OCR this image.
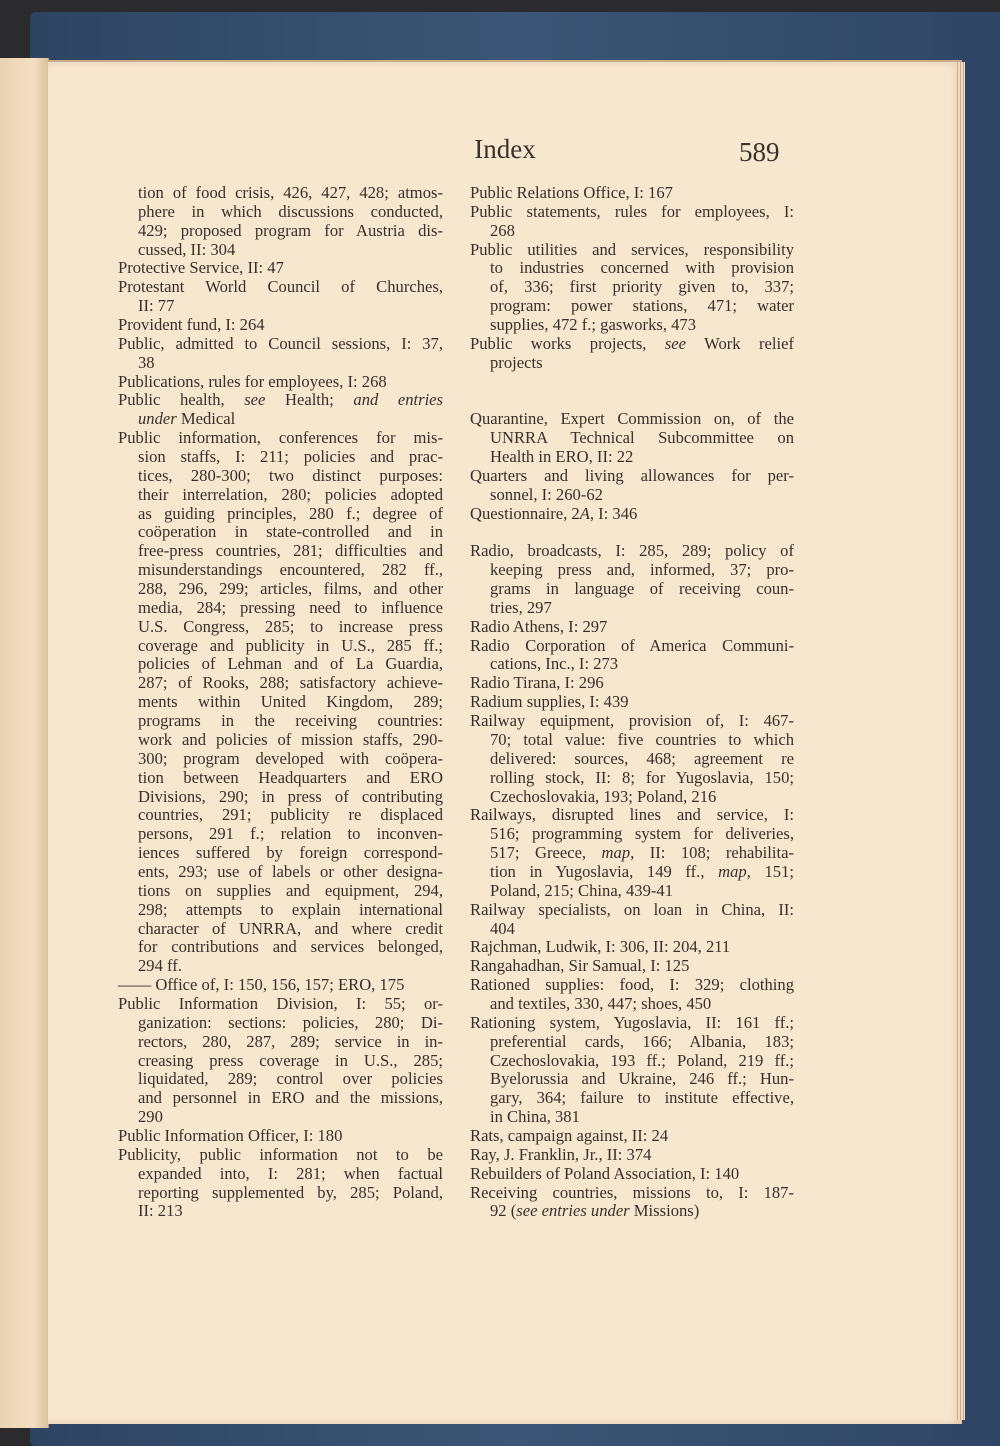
Index	589
tion of food crisis, 426, 427, 428; atmos-
phere in which discussions conducted,
429; proposed program for Austria dis-
cussed, II: 304
Protective Service, II: 47
Protestant World Council of Churches,
II: 77
Provident fund, I: 264
Public, admitted to Council sessions, I: 37,
38
Publications, rules for employees, I: 268
Public health, see Health; and entries
under Medical
Public information, conferences for mis-
sion staffs, I: 211; policies and prac-
tices, 280-300; two distinct purposes:
their interrelation, 280; policies adopted
as guiding principles, 280 f.; degree of
coöperation in state-controlled and in
free-press countries, 281; difficulties and
misunderstandings encountered, 282 ff.,
288, 296, 299; articles, films, and other
media, 284; pressing need to influence
U.S. Congress, 285; to increase press
coverage and publicity in U.S., 285 ff.;
policies of Lehman and of La Guardia,
287; of Rooks, 288; satisfactory achieve-
ments within United Kingdom, 289;
programs in the receiving countries:
work and policies of mission staffs, 290-
300; program developed with coöpera-
tion between Headquarters and ERO
Divisions, 290; in press of contributing
countries, 291; publicity re displaced
persons, 291 f.; relation to inconven-
iences suffered by foreign correspond-
ents, 293; use of labels or other designa-
tions on supplies and equipment, 294,
298; attempts to explain international
character of UNRRA, and where credit
for contributions and services belonged,
294 ff.
—— Office of, I: 150, 156, 157; ERO, 175
Public Information Division, I: 55; or-
ganization: sections: policies, 280; Di-
rectors, 280, 287, 289; service in in-
creasing press coverage in U.S., 285;
liquidated, 289; control over policies
and personnel in ERO and the missions,
290
Public Information Officer, I: 180
Publicity, public information not to be
expanded into, I: 281; when factual
reporting supplemented by, 285; Poland,
II: 213
Public Relations Office, I: 167
Public statements, rules for employees, I:
268
Public utilities and services, responsibility
to industries concerned with provision
of, 336; first priority given to, 337;
program: power stations, 471; water
supplies, 472 f.; gasworks, 473
Public works projects, see Work relief
projects
Quarantine, Expert Commission on, of the
UNRRA Technical Subcommittee on
Health in ERO, II: 22
Quarters and living allowances for per-
sonnel, I: 260-62
Questionnaire, 2A, I: 346
Radio, broadcasts, I: 285, 289; policy of
keeping press and, informed, 37; pro-
grams in language of receiving coun-
tries, 297
Radio Athens, I: 297
Radio Corporation of America Communi-
cations, Inc., I: 273
Radio Tirana, I: 296
Radium supplies, I: 439
Railway equipment, provision of, I: 467-
70; total value: five countries to which
delivered: sources, 468; agreement re
rolling stock, II: 8; for Yugoslavia, 150;
Czechoslovakia, 193; Poland, 216
Railways, disrupted lines and service, I:
516; programming system for deliveries,
517; Greece, map, II: 108; rehabilita-
tion in Yugoslavia, 149 ff., map, 151;
Poland, 215; China, 439-41
Railway specialists, on loan in China, II:
404
Rajchman, Ludwik, I: 306, II: 204, 211
Rangahadhan, Sir Samual, I: 125
Rationed supplies: food, I: 329; clothing
and textiles, 330, 447; shoes, 450
Rationing system, Yugoslavia, II: 161 ff.;
preferential cards, 166; Albania, 183;
Czechoslovakia, 193 ff.; Poland, 219 ff.;
Byelorussia and Ukraine, 246 ff.; Hun-
gary, 364; failure to institute effective,
in China, 381
Rats, campaign against, II: 24
Ray, J. Franklin, Jr., II: 374
Rebuilders of Poland Association, I: 140
Receiving countries, missions to, I: 187-
92 (see entries under Missions)
